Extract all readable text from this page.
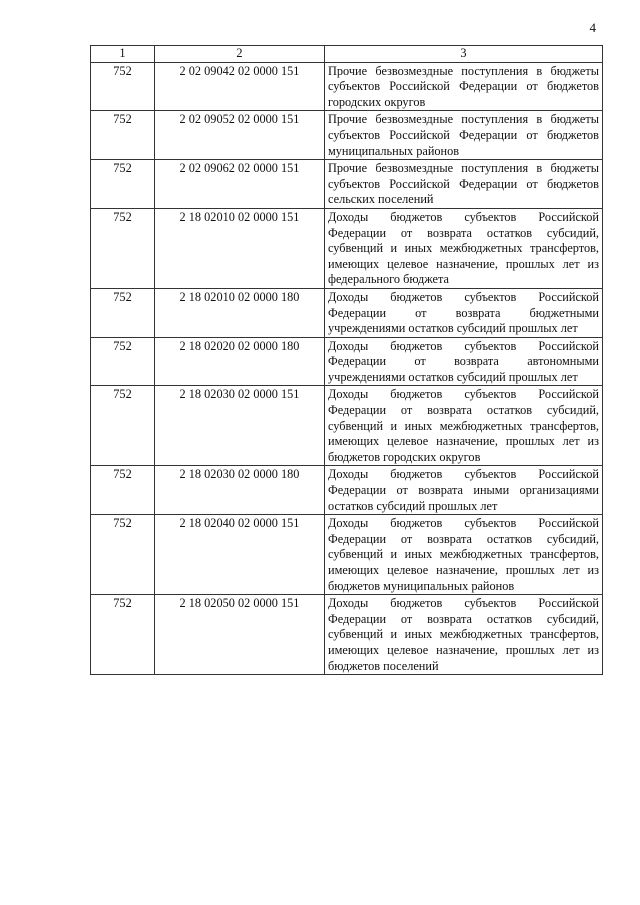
4
1	2	3
752	2 02 09042 02 0000 151	Прочие безвозмездные поступления в бюджеты субъектов Российской Федерации от бюджетов городских округов
752	2 02 09052 02 0000 151	Прочие безвозмездные поступления в бюджеты субъектов Российской Федерации от бюджетов муниципальных районов
752	2 02 09062 02 0000 151	Прочие безвозмездные поступления в бюджеты субъектов Российской Федерации от бюджетов сельских поселений
752	2 18 02010 02 0000 151	Доходы бюджетов субъектов Российской Федерации от возврата остатков субсидий, субвенций и иных межбюджетных трансфертов, имеющих целевое назначение, прошлых лет из федерального бюджета
752	2 18 02010 02 0000 180	Доходы бюджетов субъектов Российской Федерации от возврата бюджетными учреждениями остатков субсидий прошлых лет
752	2 18 02020 02 0000 180	Доходы бюджетов субъектов Российской Федерации от возврата автономными учреждениями остатков субсидий прошлых лет
752	2 18 02030 02 0000 151	Доходы бюджетов субъектов Российской Федерации от возврата остатков субсидий, субвенций и иных межбюджетных трансфертов, имеющих целевое назначение, прошлых лет из бюджетов городских округов
752	2 18 02030 02 0000 180	Доходы бюджетов субъектов Российской Федерации от возврата иными организациями остатков субсидий прошлых лет
752	2 18 02040 02 0000 151	Доходы бюджетов субъектов Российской Федерации от возврата остатков субсидий, субвенций и иных межбюджетных трансфертов, имеющих целевое назначение, прошлых лет из бюджетов муниципальных районов
752	2 18 02050 02 0000 151	Доходы бюджетов субъектов Российской Федерации от возврата остатков субсидий, субвенций и иных межбюджетных трансфертов, имеющих целевое назначение, прошлых лет из бюджетов поселений
